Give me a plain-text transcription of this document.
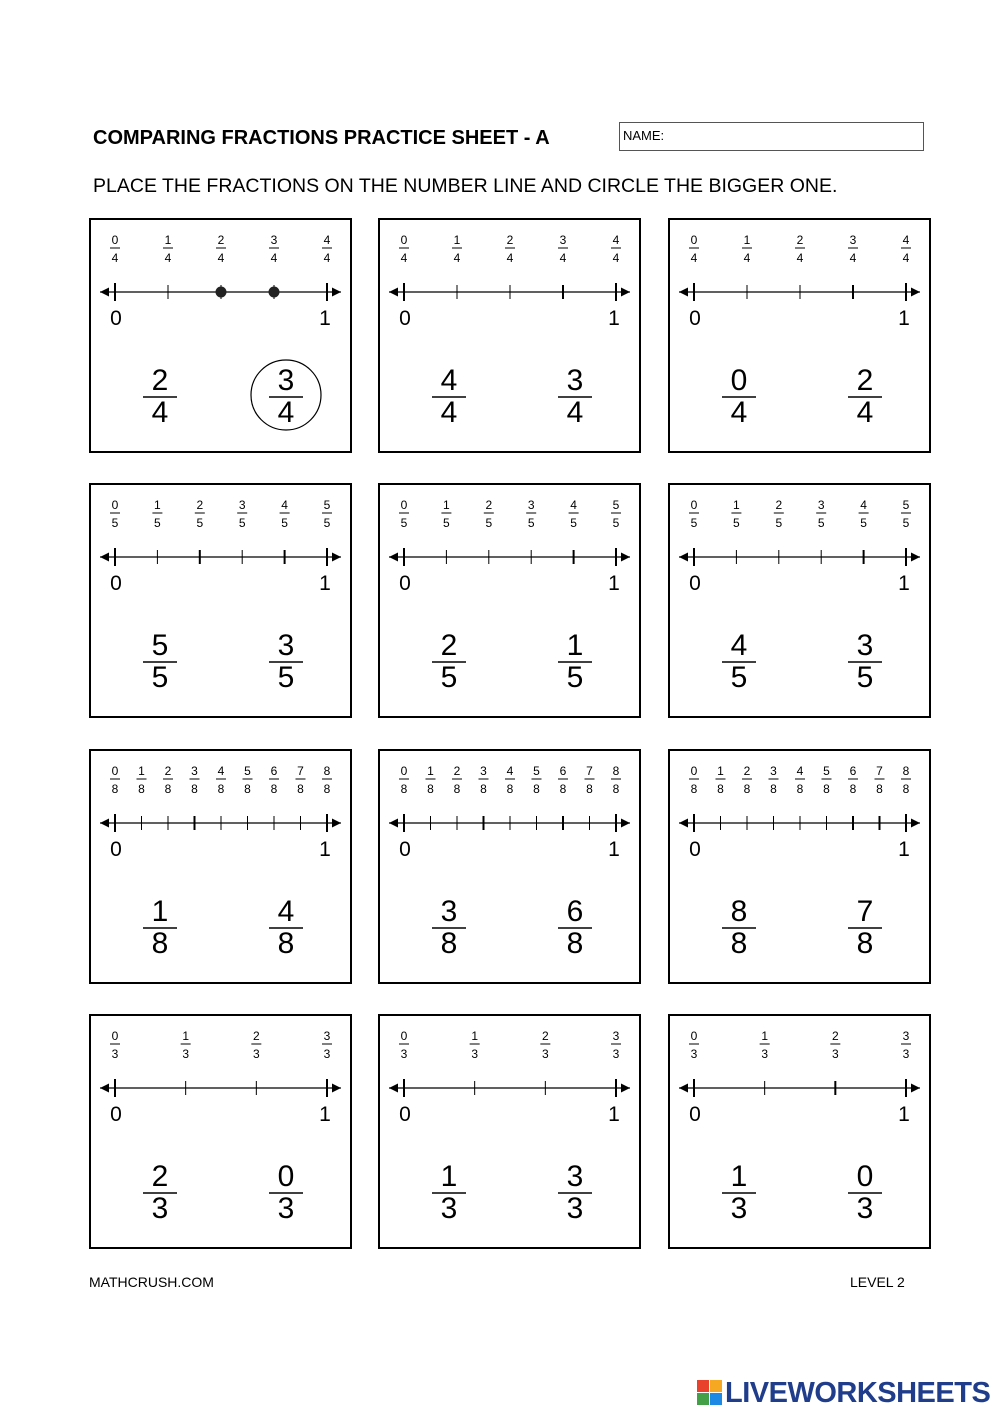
COMPARING FRACTIONS PRACTICE SHEET - A	NAME:
PLACE THE FRACTIONS ON THE NUMBER LINE AND CIRCLE THE BIGGER ONE.
0
4
1
4
2
4
3
4
4
4
0	1
2
4
3
4
0
4
1
4
2
4
3
4
4
4
0	1
4
4
3
4
0
4
1
4
2
4
3
4
4
4
0	1
0
4
2
4
0
5
1
5
2
5
3
5
4
5
5
5
0	1
5
5
3
5
0
5
1
5
2
5
3
5
4
5
5
5
0	1
2
5
1
5
0
5
1
5
2
5
3
5
4
5
5
5
0	1
4
5
3
5
0
8
1
8
2
8
3
8
4
8
5
8
6
8
7
8
8
8
0	1
1
8
4
8
0
8
1
8
2
8
3
8
4
8
5
8
6
8
7
8
8
8
0	1
3
8
6
8
0
8
1
8
2
8
3
8
4
8
5
8
6
8
7
8
8
8
0	1
8
8
7
8
0
3
1
3
2
3
3
3
0	1
2
3
0
3
0
3
1
3
2
3
3
3
0	1
1
3
3
3
0
3
1
3
2
3
3
3
0	1
1
3
0
3
MATHCRUSH.COM	LEVEL 2
LIVEWORKSHEETS
